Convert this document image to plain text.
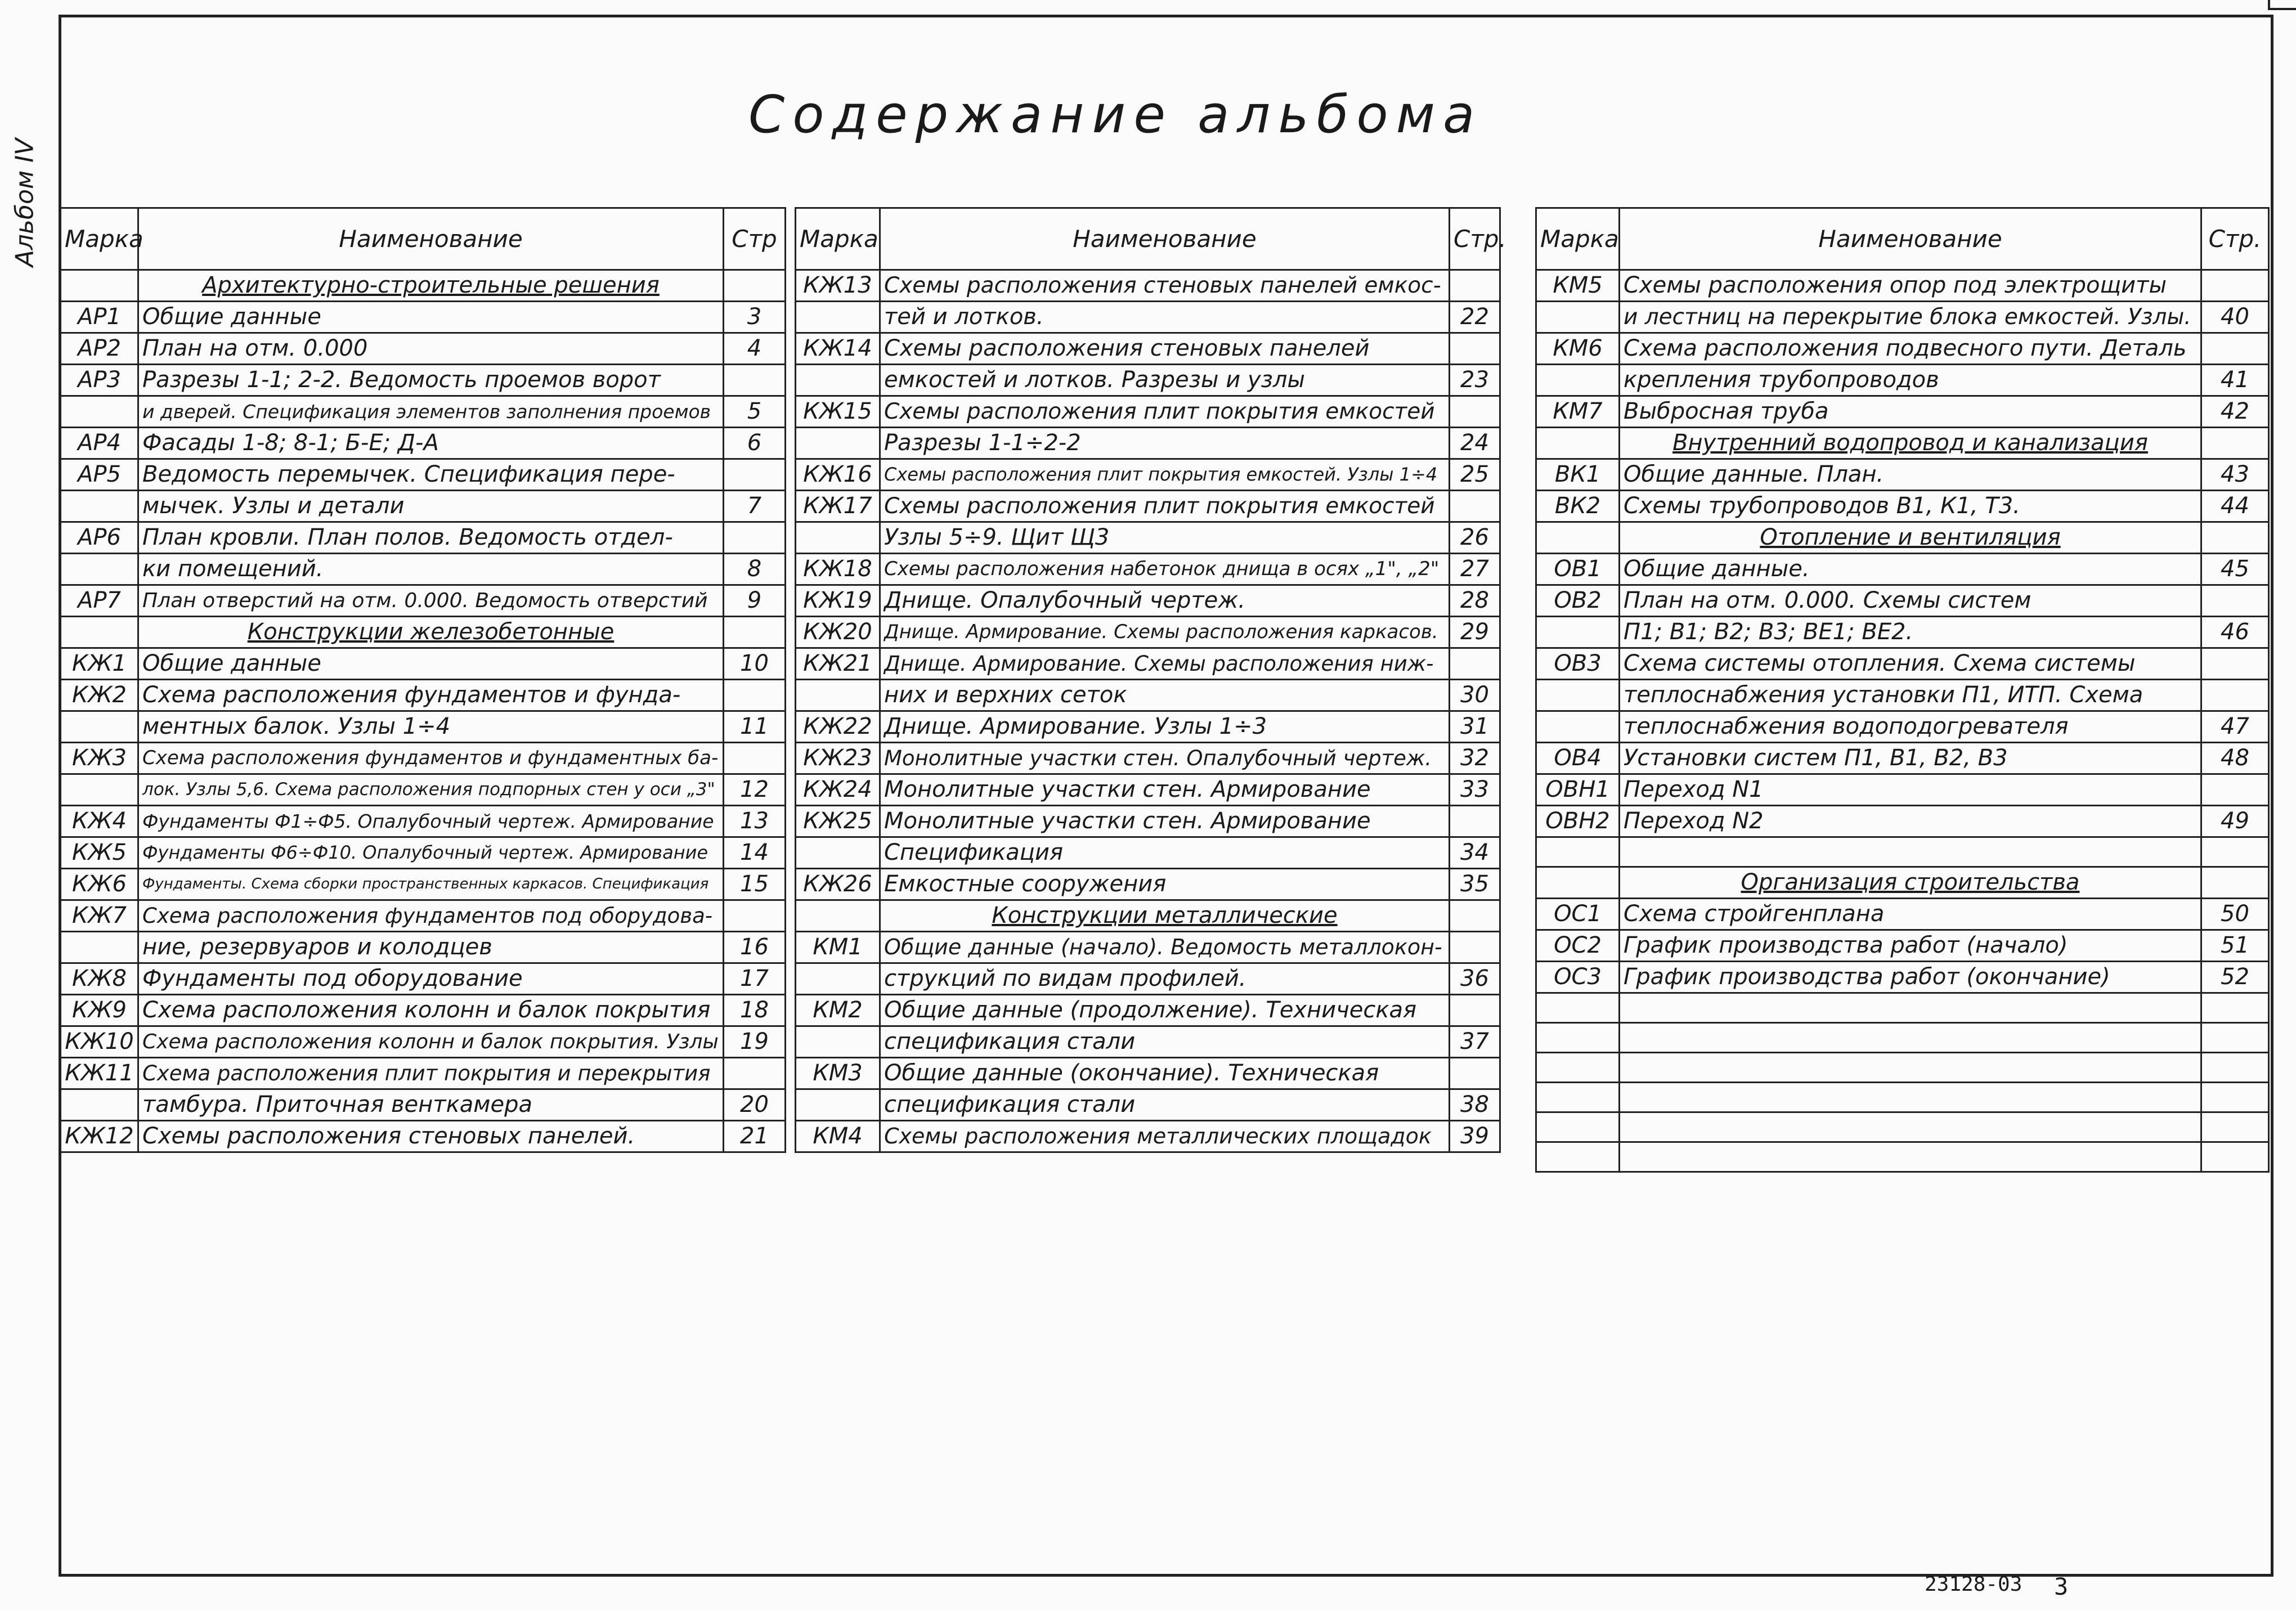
Альбом IV
Содержание альбома
Марка	Наименование	Стр
	Архитектурно-строительные решения	
АР1	Общие данные	3
АР2	План на отм. 0.000	4
АР3	Разрезы 1-1; 2-2. Ведомость проемов ворот	
	и дверей. Спецификация элементов заполнения проемов	5
АР4	Фасады 1-8; 8-1; Б-Е; Д-А	6
АР5	Ведомость перемычек. Спецификация пере-	
	мычек. Узлы и детали	7
АР6	План кровли. План полов. Ведомость отдел-	
	ки помещений.	8
АР7	План отверстий на отм. 0.000. Ведомость отверстий	9
	Конструкции железобетонные	
КЖ1	Общие данные	10
КЖ2	Схема расположения фундаментов и фунда-	
	ментных балок. Узлы 1÷4	11
КЖ3	Схема расположения фундаментов и фундаментных ба-	
	лок. Узлы 5,6. Схема расположения подпорных стен у оси „3"	12
КЖ4	Фундаменты Ф1÷Ф5. Опалубочный чертеж. Армирование	13
КЖ5	Фундаменты Ф6÷Ф10. Опалубочный чертеж. Армирование	14
КЖ6	Фундаменты. Схема сборки пространственных каркасов. Спецификация	15
КЖ7	Схема расположения фундаментов под оборудова-	
	ние, резервуаров и колодцев	16
КЖ8	Фундаменты под оборудование	17
КЖ9	Схема расположения колонн и балок покрытия	18
КЖ10	Схема расположения колонн и балок покрытия. Узлы	19
КЖ11	Схема расположения плит покрытия и перекрытия	
	тамбура. Приточная венткамера	20
КЖ12	Схемы расположения стеновых панелей.	21
Марка	Наименование	Стр.
КЖ13	Схемы расположения стеновых панелей емкос-	
	тей и лотков.	22
КЖ14	Схемы расположения стеновых панелей	
	емкостей и лотков. Разрезы и узлы	23
КЖ15	Схемы расположения плит покрытия емкостей	
	Разрезы 1-1÷2-2	24
КЖ16	Схемы расположения плит покрытия емкостей. Узлы 1÷4	25
КЖ17	Схемы расположения плит покрытия емкостей	
	Узлы 5÷9. Щит Щ3	26
КЖ18	Схемы расположения набетонок днища в осях „1", „2"	27
КЖ19	Днище. Опалубочный чертеж.	28
КЖ20	Днище. Армирование. Схемы расположения каркасов.	29
КЖ21	Днище. Армирование. Схемы расположения ниж-	
	них и верхних сеток	30
КЖ22	Днище. Армирование. Узлы 1÷3	31
КЖ23	Монолитные участки стен. Опалубочный чертеж.	32
КЖ24	Монолитные участки стен. Армирование	33
КЖ25	Монолитные участки стен. Армирование	
	Спецификация	34
КЖ26	Емкостные сооружения	35
	Конструкции металлические	
КМ1	Общие данные (начало). Ведомость металлокон-	
	струкций по видам профилей.	36
КМ2	Общие данные (продолжение). Техническая	
	спецификация стали	37
КМ3	Общие данные (окончание). Техническая	
	спецификация стали	38
КМ4	Схемы расположения металлических площадок	39
Марка	Наименование	Стр.
КМ5	Схемы расположения опор под электрощиты	
	и лестниц на перекрытие блока емкостей. Узлы.	40
КМ6	Схема расположения подвесного пути. Деталь	
	крепления трубопроводов	41
КМ7	Выбросная труба	42
	Внутренний водопровод и канализация	
ВК1	Общие данные. План.	43
ВК2	Схемы трубопроводов В1, К1, Т3.	44
	Отопление и вентиляция	
ОВ1	Общие данные.	45
ОВ2	План на отм. 0.000. Схемы систем	
	П1; В1; В2; В3; ВЕ1; ВЕ2.	46
ОВ3	Схема системы отопления. Схема системы	
	теплоснабжения установки П1, ИТП. Схема	
	теплоснабжения водоподогревателя	47
ОВ4	Установки систем П1, В1, В2, В3	48
ОВН1	Переход N1	
ОВН2	Переход N2	49

	Организация строительства	
ОС1	Схема стройгенплана	50
ОС2	График производства работ (начало)	51
ОС3	График производства работ (окончание)	52

23128-03 3
